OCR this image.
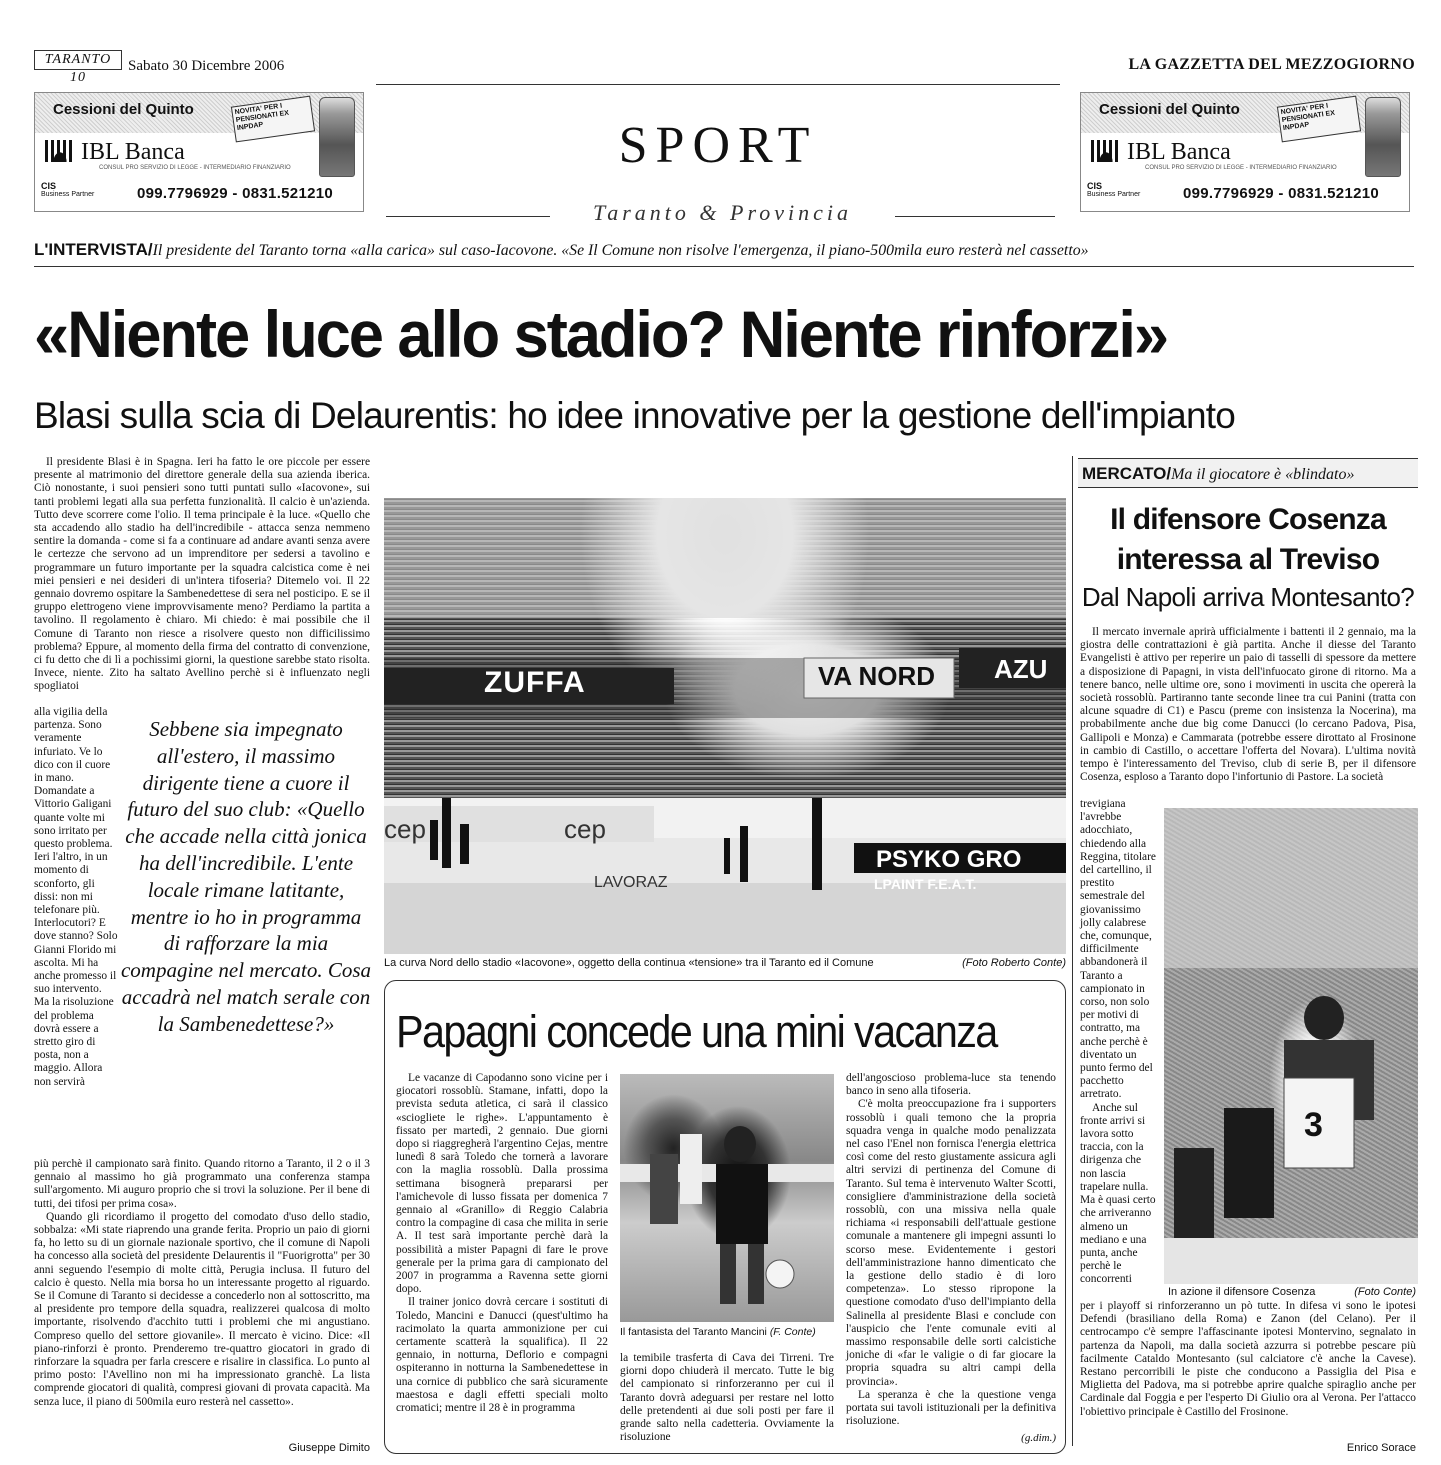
TARANTO 10
Sabato 30 Dicembre 2006	LA GAZZETTA DEL MEZZOGIORNO
SPORT
Taranto & Provincia
Cessioni del Quinto
IBL Banca
CONSUL PRO SERVIZIO DI LEGGE - INTERMEDIARIO FINANZIARIO
CIS
Business Partner	099.7796929 - 0831.521210
NOVITA' PER I PENSIONATI EX INPDAP
Cessioni del Quinto
IBL Banca
CONSUL PRO SERVIZIO DI LEGGE - INTERMEDIARIO FINANZIARIO
CIS
Business Partner	099.7796929 - 0831.521210
NOVITA' PER I PENSIONATI EX INPDAP
L'INTERVISTA/Il presidente del Taranto torna «alla carica» sul caso-Iacovone. «Se Il Comune non risolve l'emergenza, il piano-500mila euro resterà nel cassetto»
«Niente luce allo stadio? Niente rinforzi»
Blasi sulla scia di Delaurentis: ho idee innovative per la gestione dell'impianto

Il presidente Blasi è in Spagna. Ieri ha fatto le ore piccole per essere presente al matrimonio del direttore generale della sua azienda iberica. Ciò nonostante, i suoi pensieri sono tutti puntati sullo «Iacovone», sui tanti problemi legati alla sua perfetta funzionalità. Il calcio è un'azienda. Tutto deve scorrere come l'olio. Il tema principale è la luce. «Quello che sta accadendo allo stadio ha dell'incredibile - attacca senza nemmeno sentire la domanda - come si fa a continuare ad andare avanti senza avere le certezze che servono ad un imprenditore per sedersi a tavolino e programmare un futuro importante per la squadra calcistica come è nei miei pensieri e nei desideri di un'intera tifoseria? Ditemelo voi. Il 22 gennaio dovremo ospitare la Sambenedettese di sera nel posticipo. E se il gruppo elettrogeno viene improvvisamente meno? Perdiamo la partita a tavolino. Il regolamento è chiaro. Mi chiedo: è mai possibile che il Comune di Taranto non riesce a risolvere questo non difficilissimo problema? Eppure, al momento della firma del contratto di convenzione, ci fu detto che di lì a pochissimi giorni, la questione sarebbe stato risolta. Invece, niente. Zito ha saltato Avellino perchè si è influenzato negli spogliatoi

alla vigilia della partenza. Sono veramente infuriato. Ve lo dico con il cuore in mano. Domandate a Vittorio Galigani quante volte mi sono irritato per questo problema. Ieri l'altro, in un momento di sconforto, gli dissi: non mi telefonare più. Interlocutori? E dove stanno? Solo Gianni Florido mi ascolta. Mi ha anche promesso il suo intervento. Ma la risoluzione del problema dovrà essere a stretto giro di posta, non a maggio. Allora non servirà

Sebbene sia impegnato all'estero, il massimo dirigente tiene a cuore il futuro del suo club: «Quello che accade nella città jonica ha dell'incredibile. L'ente locale rimane latitante, mentre io ho in programma di rafforzare la mia compagine nel mercato. Cosa accadrà nel match serale con la Sambenedettese?»

più perchè il campionato sarà finito. Quando ritorno a Taranto, il 2 o il 3 gennaio al massimo ho già programmato una conferenza stampa sull'argomento. Mi auguro proprio che si trovi la soluzione. Per il bene di tutti, dei tifosi per prima cosa».

Quando gli ricordiamo il progetto del comodato d'uso dello stadio, sobbalza: «Mi state riaprendo una grande ferita. Proprio un paio di giorni fa, ho letto su di un giornale nazionale sportivo, che il comune di Napoli ha concesso alla società del presidente Delaurentis il "Fuorigrotta" per 30 anni seguendo l'esempio di molte città, Perugia inclusa. Il futuro del calcio è questo. Nella mia borsa ho un interessante progetto al riguardo. Se il Comune di Taranto si decidesse a concederlo non al sottoscritto, ma al presidente pro tempore della squadra, realizzerei qualcosa di molto importante, risolvendo d'acchito tutti i problemi che mi angustiano. Compreso quello del settore giovanile». Il mercato è vicino. Dice: «Il piano-rinforzi è pronto. Prenderemo tre-quattro giocatori in grado di rinforzare la squadra per farla crescere e risalire in classifica. Lo punto al primo posto: l'Avellino non mi ha impressionato granchè. La lista comprende giocatori di qualità, compresi giovani di provata capacità. Ma senza luce, il piano di 500mila euro resterà nel cassetto».

Giuseppe Dimito
ZUFFA	VA NORD AZU
PSYKO GRO
cep	cep
LAVORAZ	LPAINT F.E.A.T.
La curva Nord dello stadio «Iacovone», oggetto della continua «tensione» tra il Taranto ed il Comune	(Foto Roberto Conte)
Papagni concede una mini vacanza

Le vacanze di Capodanno sono vicine per i giocatori rossoblù. Stamane, infatti, dopo la prevista seduta atletica, ci sarà il classico «sciogliete le righe». L'appuntamento è fissato per martedì, 2 gennaio. Due giorni dopo si riaggregherà l'argentino Cejas, mentre lunedì 8 sarà Toledo che tornerà a lavorare con la maglia rossoblù. Dalla prossima settimana bisognerà prepararsi per l'amichevole di lusso fissata per domenica 7 gennaio al «Granillo» di Reggio Calabria contro la compagine di casa che milita in serie A. Il test sarà importante perchè darà la possibilità a mister Papagni di fare le prove generale per la prima gara di campionato del 2007 in programma a Ravenna sette giorni dopo.

Il trainer jonico dovrà cercare i sostituti di Toledo, Mancini e Danucci (quest'ultimo ha racimolato la quarta ammonizione per cui certamente scatterà la squalifica). Il 22 gennaio, in notturna, Deflorio e compagni ospiteranno in notturna la Sambenedettese in una cornice di pubblico che sarà sicuramente maestosa e dagli effetti speciali molto cromatici; mentre il 28 è in programma

Il fantasista del Taranto Mancini (F. Conte)

la temibile trasferta di Cava dei Tirreni. Tre giorni dopo chiuderà il mercato. Tutte le big del campionato si rinforzeranno per cui il Taranto dovrà adeguarsi per restare nel lotto delle pretendenti ai due soli posti per fare il grande salto nella cadetteria. Ovviamente la risoluzione

dell'angoscioso problema-luce sta tenendo banco in seno alla tifoseria.

C'è molta preoccupazione fra i supporters rossoblù i quali temono che la propria squadra venga in qualche modo penalizzata nel caso l'Enel non fornisca l'energia elettrica così come del resto giustamente assicura agli altri servizi di pertinenza del Comune di Taranto. Sul tema è intervenuto Walter Scotti, consigliere d'amministrazione della società rossoblù, con una missiva nella quale richiama «i responsabili dell'attuale gestione comunale a mantenere gli impegni assunti lo scorso mese. Evidentemente i gestori dell'amministrazione hanno dimenticato che la gestione dello stadio è di loro competenza». Lo stesso ripropone la questione comodato d'uso dell'impianto della Salinella al presidente Blasi e conclude con l'auspicio che l'ente comunale eviti al massimo responsabile delle sorti calcistiche joniche di «far le valigie o di far giocare la propria squadra su altri campi della provincia».

La speranza è che la questione venga portata sui tavoli istituzionali per la definitiva risoluzione.

(g.dim.)
MERCATO/Ma il giocatore è «blindato»
Il difensore Cosenza
interessa al Treviso
Dal Napoli arriva Montesanto?

Il mercato invernale aprirà ufficialmente i battenti il 2 gennaio, ma la giostra delle contrattazioni è già partita. Anche il diesse del Taranto Evangelisti è attivo per reperire un paio di tasselli di spessore da mettere a disposizione di Papagni, in vista dell'infuocato girone di ritorno. Ma a tenere banco, nelle ultime ore, sono i movimenti in uscita che opererà la società rossoblù. Partiranno tante seconde linee tra cui Panini (tratta con alcune squadre di C1) e Pascu (preme con insistenza la Nocerina), ma probabilmente anche due big come Danucci (lo cercano Padova, Pisa, Gallipoli e Monza) e Cammarata (potrebbe essere dirottato al Frosinone in cambio di Castillo, o accettare l'offerta del Novara). L'ultima novità tempo è l'interessamento del Treviso, club di serie B, per il difensore Cosenza, esploso a Taranto dopo l'infortunio di Pastore. La società

trevigiana l'avrebbe adocchiato, chiedendo alla Reggina, titolare del cartellino, il prestito semestrale del giovanissimo jolly calabrese che, comunque, difficilmente abbandonerà il Taranto a campionato in corso, non solo per motivi di contratto, ma anche perchè è diventato un punto fermo del pacchetto arretrato.

Anche sul fronte arrivi si lavora sotto traccia, con la dirigenza che non lascia trapelare nulla. Ma è quasi certo che arriveranno almeno un mediano e una punta, anche perchè le concorrenti

3
In azione il difensore Cosenza	(Foto Conte)

per i playoff si rinforzeranno un pò tutte. In difesa vi sono le ipotesi Defendi (brasiliano della Roma) e Zanon (del Celano). Per il centrocampo c'è sempre l'affascinante ipotesi Montervino, segnalato in partenza da Napoli, ma dalla società azzurra si potrebbe pescare più facilmente Cataldo Montesanto (sul calciatore c'è anche la Cavese). Restano percorribili le piste che conducono a Passiglia del Pisa e Miglietta del Padova, ma si potrebbe aprire qualche spiraglio anche per Cardinale dal Foggia e per l'esperto Di Giulio ora al Verona. Per l'attacco l'obiettivo principale è Castillo del Frosinone.

Enrico Sorace
